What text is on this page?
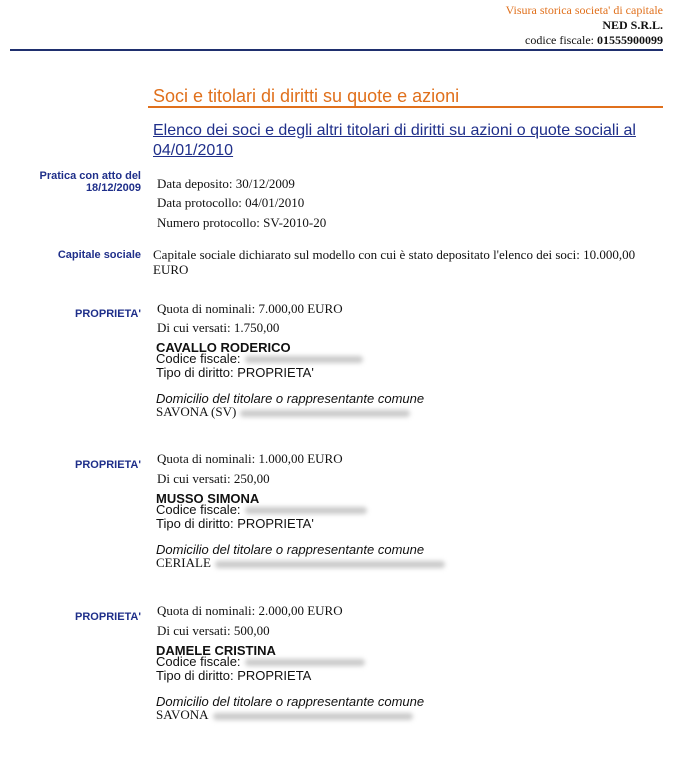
Visura storica societa' di capitale
NED S.R.L.
codice fiscale: 01555900099
Soci e titolari di diritti su quote e azioni
Elenco dei soci e degli altri titolari di diritti su azioni o quote sociali al 04/01/2010
Pratica con atto del
18/12/2009 Data deposito: 30/12/2009
Data protocollo: 04/01/2010
Numero protocollo: SV-2010-20
Capitale sociale Capitale sociale dichiarato sul modello con cui è stato depositato l'elenco dei soci: 10.000,00 EURO
PROPRIETA' Quota di nominali: 7.000,00 EURO
Di cui versati: 1.750,00
CAVALLO RODERICO
Codice fiscale:
Tipo di diritto: PROPRIETA'
Domicilio del titolare o rappresentante comune
SAVONA (SV)
PROPRIETA' Quota di nominali: 1.000,00 EURO
Di cui versati: 250,00
MUSSO SIMONA
Codice fiscale:
Tipo di diritto: PROPRIETA'
Domicilio del titolare o rappresentante comune
CERIALE
PROPRIETA' Quota di nominali: 2.000,00 EURO
Di cui versati: 500,00
DAMELE CRISTINA
Codice fiscale:
Tipo di diritto: PROPRIETA
Domicilio del titolare o rappresentante comune
SAVONA
